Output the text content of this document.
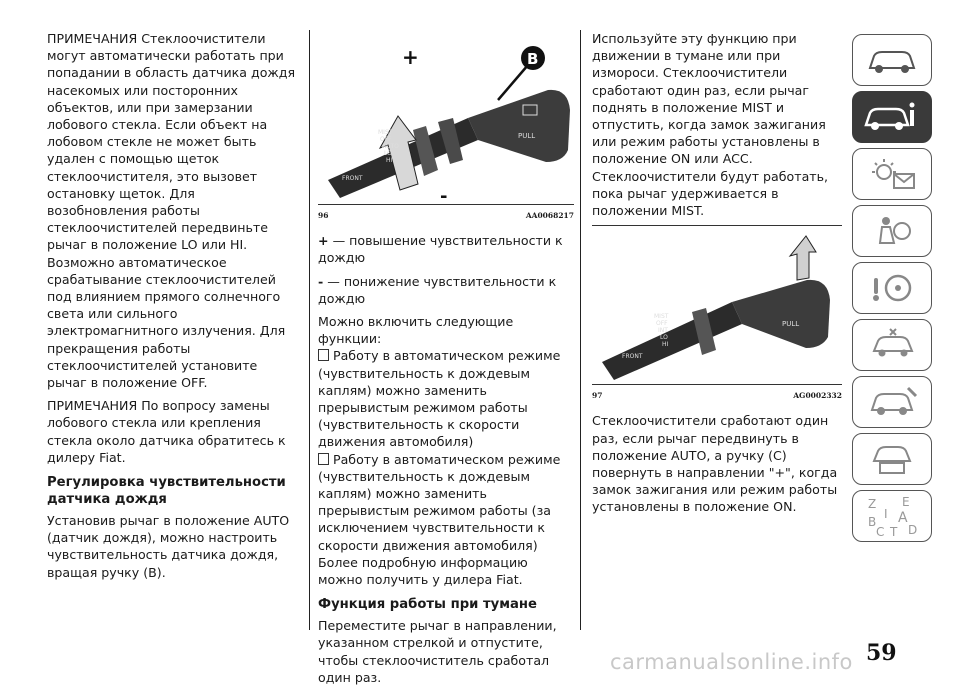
ПРИМЕЧАНИЯ Стеклоочистители могут автоматически работать при попадании в область датчика дождя насекомых или посторонних объектов, или при замерзании лобового стекла. Если объект на лобовом стекле не может быть удален с помощью щеток стеклоочистителя, это вызовет остановку щеток. Для возобновления работы стеклоочистителей передвиньте рычаг в положение LO или HI. Возможно автоматическое срабатывание стеклоочистителей под влиянием прямого солнечного света или сильного электромагнитного излучения. Для прекращения работы стеклоочистителей установите рычаг в положение OFF.

ПРИМЕЧАНИЯ По вопросу замены лобового стекла или крепления стекла около датчика обратитесь к дилеру Fiat.

Регулировка чувствительности датчика дождя

Установив рычаг в положение AUTO (датчик дождя), можно настроить чувствительность датчика дождя, вращая ручку (B).

MIST
OFF
AUTO
LO
HI
FRONT
PULL
+
-
B
96	AA0068217

+ — повышение чувствительности к дождю

- — понижение чувствительности к дождю

Можно включить следующие функции:

Работу в автоматическом режиме (чувствительность к дождевым каплям) можно заменить прерывистым режимом работы (чувствительность к скорости движения автомобиля)

Работу в автоматическом режиме (чувствительность к дождевым каплям) можно заменить прерывистым режимом работы (за исключением чувствительности к скорости движения автомобиля) Более подробную информацию можно получить у дилера Fiat.

Функция работы при тумане

Переместите рычаг в направлении, указанном стрелкой и отпустите, чтобы стеклоочиститель сработал один раз.

Используйте эту функцию при движении в тумане или при измороси. Стеклоочистители сработают один раз, если рычаг поднять в положение MIST и отпустить, когда замок зажигания или режим работы установлены в положение ON или ACC. Стеклоочистители будут работать, пока рычаг удерживается в положении MIST.

MIST
OFF
INT
LO
HI
FRONT
PULL
97	AG0002332

Стеклоочистители сработают один раз, если рычаг передвинуть в положение AUTO, а ручку (С) повернуть в направлении "+", когда замок зажигания или режим работы установлены в положение ON.	Z E
A
B
C D
T
I
59
carmanualsonline.info
